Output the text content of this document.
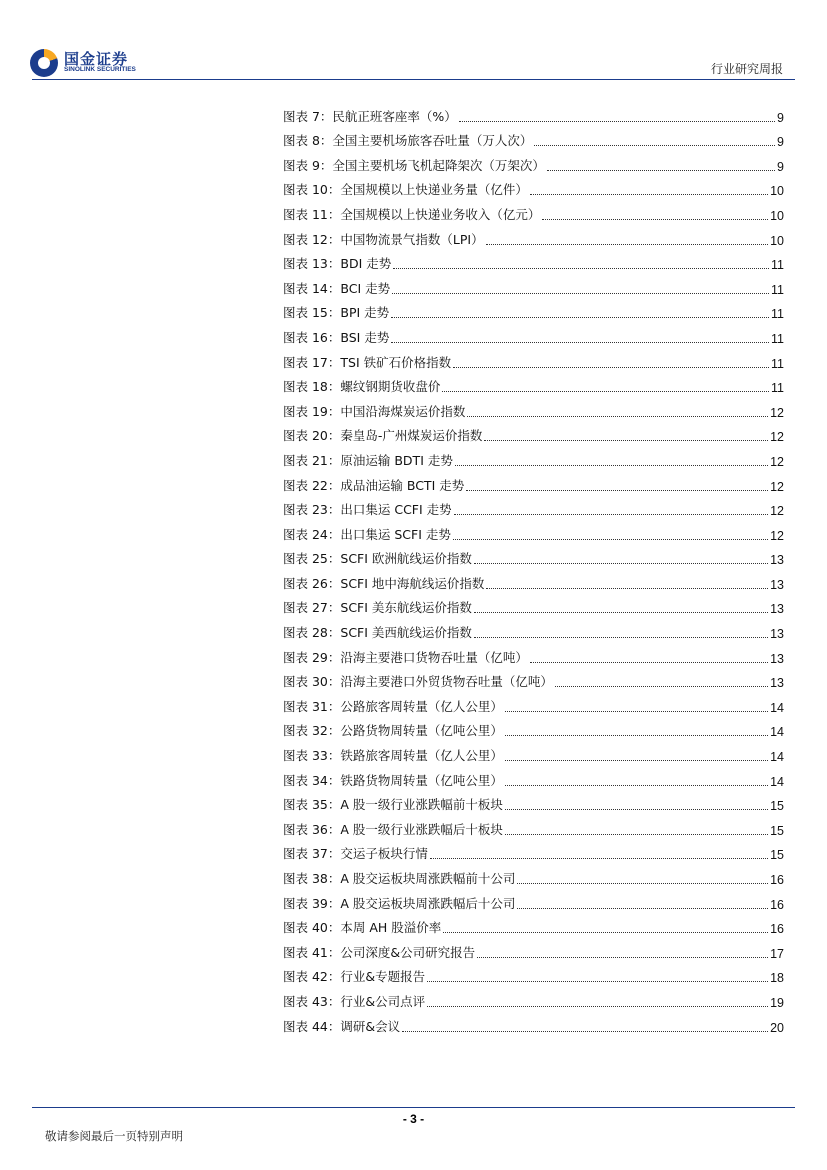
国金证券
SINOLINK SECURITIES	行业研究周报
图表 7：民航正班客座率（%）	9
图表 8：全国主要机场旅客吞吐量（万人次）	9
图表 9：全国主要机场飞机起降架次（万架次）	9
图表 10：全国规模以上快递业务量（亿件）	10
图表 11：全国规模以上快递业务收入（亿元）	10
图表 12：中国物流景气指数（LPI）	10
图表 13：BDI 走势	11
图表 14：BCI 走势	11
图表 15：BPI 走势	11
图表 16：BSI 走势	11
图表 17：TSI 铁矿石价格指数	11
图表 18：螺纹钢期货收盘价	11
图表 19：中国沿海煤炭运价指数	12
图表 20：秦皇岛-广州煤炭运价指数	12
图表 21：原油运输 BDTI 走势	12
图表 22：成品油运输 BCTI 走势	12
图表 23：出口集运 CCFI 走势	12
图表 24：出口集运 SCFI 走势	12
图表 25：SCFI 欧洲航线运价指数	13
图表 26：SCFI 地中海航线运价指数	13
图表 27：SCFI 美东航线运价指数	13
图表 28：SCFI 美西航线运价指数	13
图表 29：沿海主要港口货物吞吐量（亿吨）	13
图表 30：沿海主要港口外贸货物吞吐量（亿吨）	13
图表 31：公路旅客周转量（亿人公里）	14
图表 32：公路货物周转量（亿吨公里）	14
图表 33：铁路旅客周转量（亿人公里）	14
图表 34：铁路货物周转量（亿吨公里）	14
图表 35：A 股一级行业涨跌幅前十板块	15
图表 36：A 股一级行业涨跌幅后十板块	15
图表 37：交运子板块行情	15
图表 38：A 股交运板块周涨跌幅前十公司	16
图表 39：A 股交运板块周涨跌幅后十公司	16
图表 40：本周 AH 股溢价率	16
图表 41：公司深度&公司研究报告	17
图表 42：行业&专题报告	18
图表 43：行业&公司点评	19
图表 44：调研&会议	20
- 3 -
敬请参阅最后一页特别声明
